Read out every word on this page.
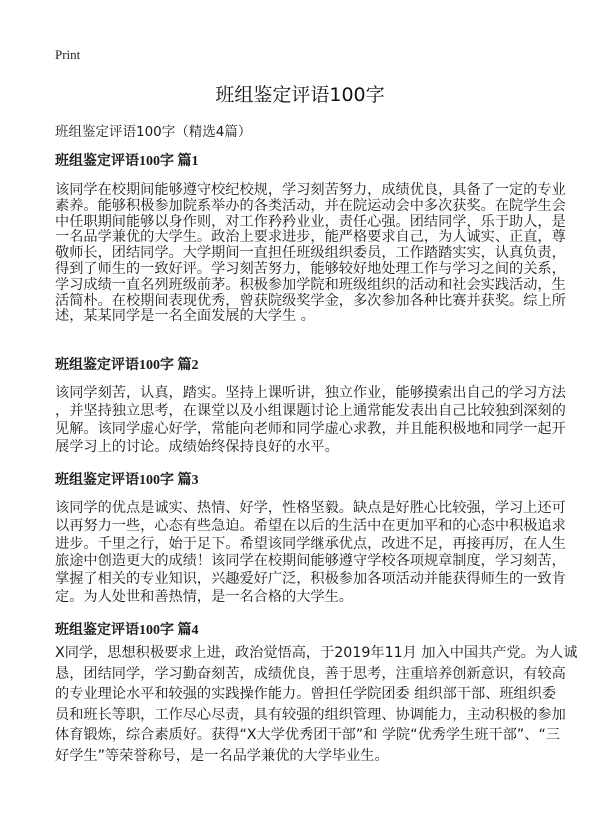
Print
班组鉴定评语100字
班组鉴定评语100字（精选4篇）
班组鉴定评语100字 篇1
该同学在校期间能够遵守校纪校规，学习刻苦努力，成绩优良，具备了一定的专业
素养。能够积极参加院系举办的各类活动，并在院运动会中多次获奖。在院学生会
中任职期间能够以身作则，对工作矜矜业业，责任心强。团结同学，乐于助人，是
一名品学兼优的大学生。政治上要求进步，能严格要求自己，为人诚实、正直，尊
敬师长，团结同学。大学期间一直担任班级组织委员，工作踏踏实实，认真负责，
得到了师生的一致好评。学习刻苦努力，能够较好地处理工作与学习之间的关系，
学习成绩一直名列班级前茅。积极参加学院和班级组织的活动和社会实践活动，生
活简朴。在校期间表现优秀，曾获院级奖学金，多次参加各种比赛并获奖。综上所
述，某某同学是一名全面发展的大学生 。
班组鉴定评语100字 篇2
该同学刻苦，认真，踏实。坚持上课听讲，独立作业，能够摸索出自己的学习方法
，并坚持独立思考，在课堂以及小组课题讨论上通常能发表出自己比较独到深刻的
见解。该同学虚心好学，常能向老师和同学虚心求教，并且能积极地和同学一起开
展学习上的讨论。成绩始终保持良好的水平。
班组鉴定评语100字 篇3
该同学的优点是诚实、热情、好学，性格坚毅。缺点是好胜心比较强，学习上还可
以再努力一些，心态有些急迫。希望在以后的生活中在更加平和的心态中积极追求
进步。千里之行，始于足下。希望该同学继承优点，改进不足，再接再厉，在人生
旅途中创造更大的成绩！该同学在校期间能够遵守学校各项规章制度，学习刻苦，
掌握了相关的专业知识，兴趣爱好广泛，积极参加各项活动并能获得师生的一致肯
定。为人处世和善热情，是一名合格的大学生。
班组鉴定评语100字 篇4
X同学，思想积极要求上进，政治觉悟高，于2019年11月 加入中国共产党。为人诚
恳，团结同学，学习勤奋刻苦，成绩优良，善于思考，注重培养创新意识，有较高
的专业理论水平和较强的实践操作能力。曾担任学院团委 组织部干部、班组织委
员和班长等职，工作尽心尽责，具有较强的组织管理、协调能力，主动积极的参加
体育锻炼，综合素质好。获得“X大学优秀团干部”和 学院“优秀学生班干部”、“三
好学生”等荣誉称号，是一名品学兼优的大学毕业生。
